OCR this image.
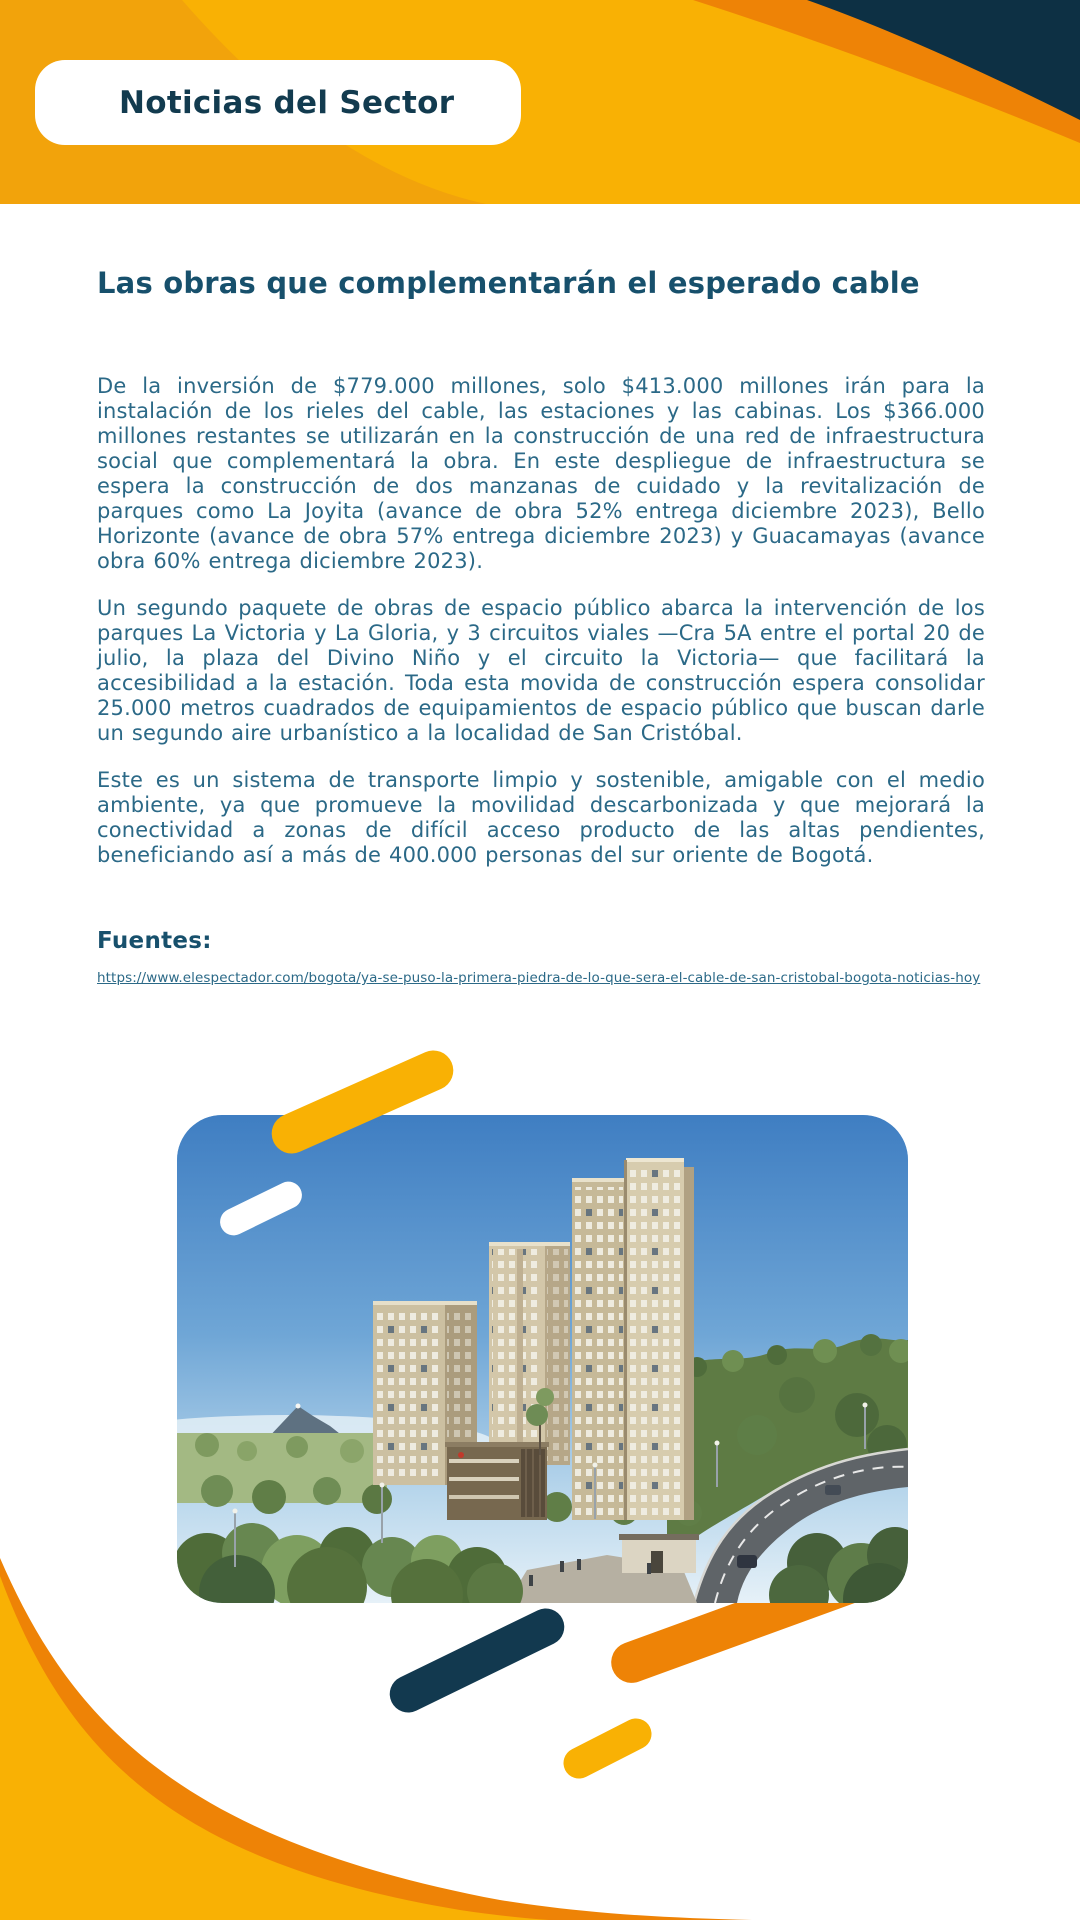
Noticias del Sector
Las obras que complementarán el esperado cable

De la inversión de $779.000 millones, solo $413.000 millones irán para la instalación de los rieles del cable, las estaciones y las cabinas. Los $366.000 millones restantes se utilizarán en la construcción de una red de infraestructura social que complementará la obra. En este despliegue de infraestructura se espera la construcción de dos manzanas de cuidado y la revitalización de parques como La Joyita (avance de obra 52% entrega diciembre 2023), Bello Horizonte (avance de obra 57% entrega diciembre 2023) y Guacamayas (avance obra 60% entrega diciembre 2023).

Un segundo paquete de obras de espacio público abarca la intervención de los parques La Victoria y La Gloria, y 3 circuitos viales —Cra 5A entre el portal 20 de julio, la plaza del Divino Niño y el circuito la Victoria— que facilitará la accesibilidad a la estación. Toda esta movida de construcción espera consolidar 25.000 metros cuadrados de equipamientos de espacio público que buscan darle un segundo aire urbanístico a la localidad de San Cristóbal.

Este es un sistema de transporte limpio y sostenible, amigable con el medio ambiente, ya que promueve la movilidad descarbonizada y que mejorará la conectividad a zonas de difícil acceso producto de las altas pendientes, beneficiando así a más de 400.000 personas del sur oriente de Bogotá.

Fuentes:
https://www.elespectador.com/bogota/ya-se-puso-la-primera-piedra-de-lo-que-sera-el-cable-de-san-cristobal-bogota-noticias-hoy
